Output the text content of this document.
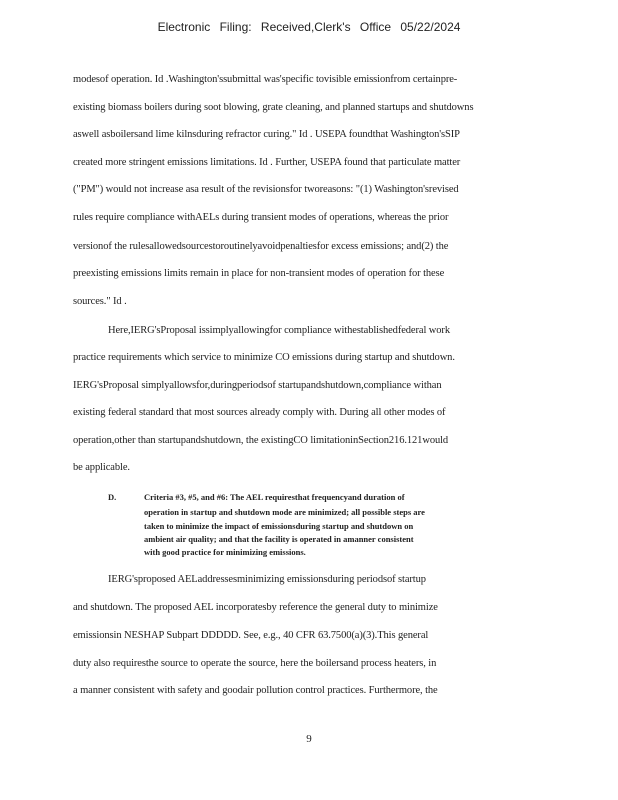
Electronic Filing: Received,Clerk's Office 05/22/2024
modesof operation. Id .Washington'ssubmittal was'specific tovisible emissionfrom certainpre-
existing biomass boilers during soot blowing, grate cleaning, and planned startups and shutdowns
aswell asboilersand lime kilnsduring refractor curing." Id . USEPA foundthat Washington'sSIP
created more stringent emissions limitations. Id . Further, USEPA found that particulate matter
("PM") would not increase asa result of the revisionsfor tworeasons: "(1) Washington'srevised
rules require compliance withAELs during transient modes of operations, whereas the prior
versionof the rulesallowedsourcestoroutinelyavoidpenaltiesfor excess emissions; and(2) the
preexisting emissions limits remain in place for non-transient modes of operation for these
sources." Id .
Here,IERG'sProposal issimplyallowingfor compliance withestablishedfederal work
practice requirements which service to minimize CO emissions during startup and shutdown.
IERG'sProposal simplyallowsfor,duringperiodsof startupandshutdown,compliance withan
existing federal standard that most sources already comply with. During all other modes of
operation,other than startupandshutdown, the existingCO limitationinSection216.121would
be applicable.
D.	Criteria #3, #5, and #6: The AEL requiresthat frequencyand duration of
operation in startup and shutdown mode are minimized; all possible steps are
taken to minimize the impact of emissionsduring startup and shutdown on
ambient air quality; and that the facility is operated in amanner consistent
with good practice for minimizing emissions.
IERG'sproposed AELaddressesminimizing emissionsduring periodsof startup
and shutdown. The proposed AEL incorporatesby reference the general duty to minimize
emissionsin NESHAP Subpart DDDDD. See, e.g., 40 CFR 63.7500(a)(3).This general
duty also requiresthe source to operate the source, here the boilersand process heaters, in
a manner consistent with safety and goodair pollution control practices. Furthermore, the
9
